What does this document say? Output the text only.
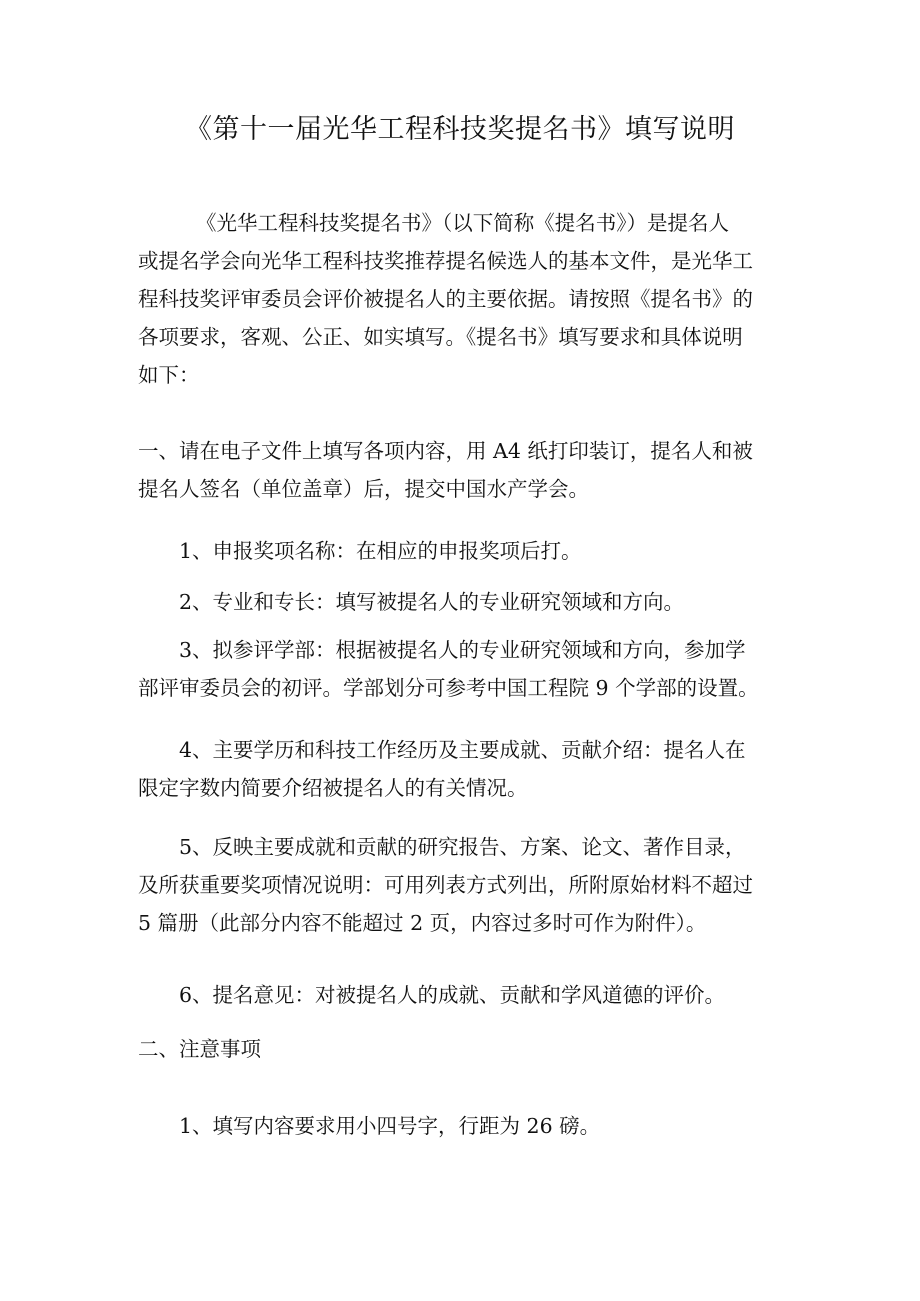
《第十一届光华工程科技奖提名书》填写说明
《光华工程科技奖提名书》（以下简称《提名书》）是提名人
或提名学会向光华工程科技奖推荐提名候选人的基本文件，是光华工
程科技奖评审委员会评价被提名人的主要依据。请按照《提名书》的
各项要求，客观、公正、如实填写。《提名书》填写要求和具体说明
如下：
一、请在电子文件上填写各项内容，用 A4 纸打印装订，提名人和被
提名人签名（单位盖章）后，提交中国水产学会。
1、申报奖项名称：在相应的申报奖项后打。
2、专业和专长：填写被提名人的专业研究领域和方向。
3、拟参评学部：根据被提名人的专业研究领域和方向，参加学
部评审委员会的初评。学部划分可参考中国工程院 9 个学部的设置。
4、主要学历和科技工作经历及主要成就、贡献介绍：提名人在
限定字数内简要介绍被提名人的有关情况。
5、反映主要成就和贡献的研究报告、方案、论文、著作目录，
及所获重要奖项情况说明：可用列表方式列出，所附原始材料不超过
5 篇册（此部分内容不能超过 2 页，内容过多时可作为附件）。
6、提名意见：对被提名人的成就、贡献和学风道德的评价。
二、注意事项
1、填写内容要求用小四号字，行距为 26 磅。
